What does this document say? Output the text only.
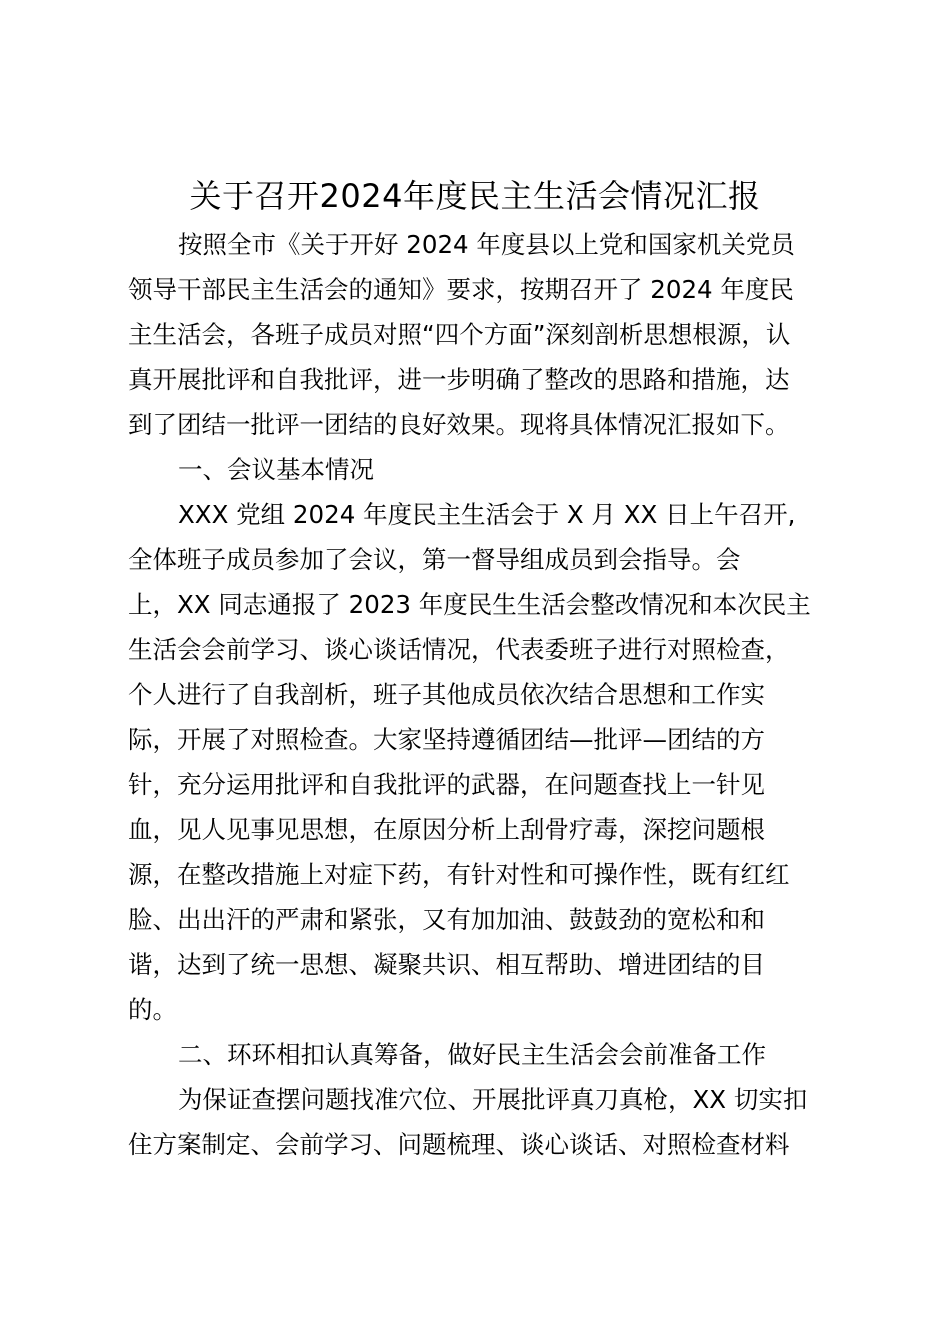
关于召开2024年度民主生活会情况汇报
按照全市《关于开好 2024 年度县以上党和国家机关党员
领导干部民主生活会的通知》要求，按期召开了 2024 年度民
主生活会，各班子成员对照“四个方面”深刻剖析思想根源，认
真开展批评和自我批评，进一步明确了整改的思路和措施，达
到了团结一批评一团结的良好效果。现将具体情况汇报如下。
一、会议基本情况
XXX 党组 2024 年度民主生活会于 X 月 XX 日上午召开,
全体班子成员参加了会议，第一督导组成员到会指导。会
上，XX 同志通报了 2023 年度民生生活会整改情况和本次民主
生活会会前学习、谈心谈话情况，代表委班子进行对照检查，
个人进行了自我剖析，班子其他成员依次结合思想和工作实
际，开展了对照检查。大家坚持遵循团结—批评—团结的方
针，充分运用批评和自我批评的武器，在问题查找上一针见
血，见人见事见思想，在原因分析上刮骨疗毒，深挖问题根
源，在整改措施上对症下药，有针对性和可操作性，既有红红
脸、出出汗的严肃和紧张，又有加加油、鼓鼓劲的宽松和和
谐，达到了统一思想、凝聚共识、相互帮助、增进团结的目
的。
二、环环相扣认真筹备，做好民主生活会会前准备工作
为保证查摆问题找准穴位、开展批评真刀真枪，XX 切实扣
住方案制定、会前学习、问题梳理、谈心谈话、对照检查材料
